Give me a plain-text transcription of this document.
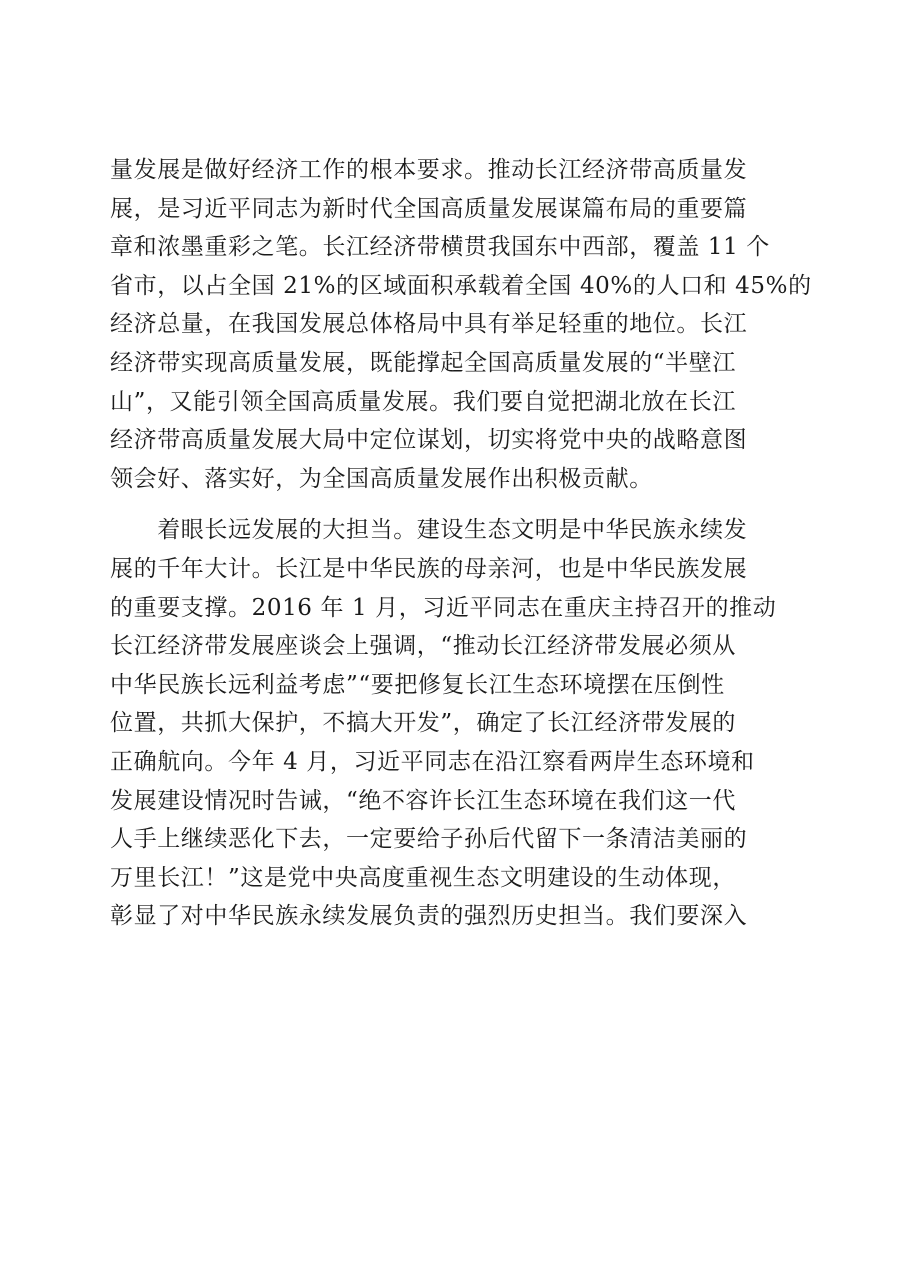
量发展是做好经济工作的根本要求。推动长江经济带高质量发
展，是习近平同志为新时代全国高质量发展谋篇布局的重要篇
章和浓墨重彩之笔。长江经济带横贯我国东中西部，覆盖 11 个
省市，以占全国 21%的区域面积承载着全国 40%的人口和 45%的
经济总量，在我国发展总体格局中具有举足轻重的地位。长江
经济带实现高质量发展，既能撑起全国高质量发展的“半壁江
山”，又能引领全国高质量发展。我们要自觉把湖北放在长江
经济带高质量发展大局中定位谋划，切实将党中央的战略意图
领会好、落实好，为全国高质量发展作出积极贡献。

　　着眼长远发展的大担当。建设生态文明是中华民族永续发
展的千年大计。长江是中华民族的母亲河，也是中华民族发展
的重要支撑。2016 年 1 月，习近平同志在重庆主持召开的推动
长江经济带发展座谈会上强调，“推动长江经济带发展必须从
中华民族长远利益考虑”“要把修复长江生态环境摆在压倒性
位置，共抓大保护，不搞大开发”，确定了长江经济带发展的
正确航向。今年 4 月，习近平同志在沿江察看两岸生态环境和
发展建设情况时告诫，“绝不容许长江生态环境在我们这一代
人手上继续恶化下去，一定要给子孙后代留下一条清洁美丽的
万里长江！”这是党中央高度重视生态文明建设的生动体现，
彰显了对中华民族永续发展负责的强烈历史担当。我们要深入
